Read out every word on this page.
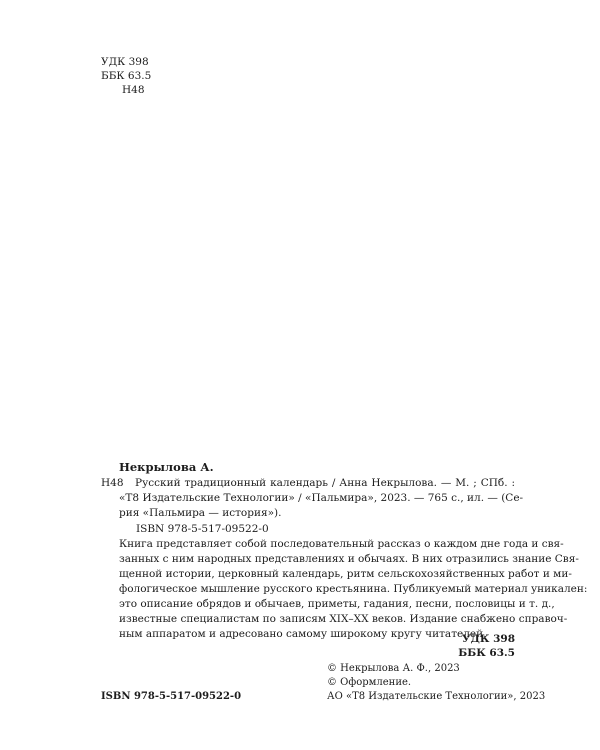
УДК 398
ББК 63.5
Н48
Некрылова А.
Н48 Русский традиционный календарь / Анна Некрылова. — М. ; СПб. :
«Т8 Издательские Технологии» / «Пальмира», 2023. — 765 с., ил. — (Се-
рия «Пальмира — история»).
ISBN 978-5-517-09522-0
Книга представляет собой последовательный рассказ о каждом дне года и свя-
занных с ним народных представлениях и обычаях. В них отразились знание Свя-
щенной истории, церковный календарь, ритм сельскохозяйственных работ и ми-
фологическое мышление русского крестьянина. Публикуемый материал уникален:
это описание обрядов и обычаев, приметы, гадания, песни, пословицы и т. д.,
известные специалистам по записям XIX–XX веков. Издание снабжено справоч-
ным аппаратом и адресовано самому широкому кругу читателей.
УДК 398
ББК 63.5
© Некрылова А. Ф., 2023
© Оформление.
АО «Т8 Издательские Технологии», 2023
ISBN 978-5-517-09522-0
